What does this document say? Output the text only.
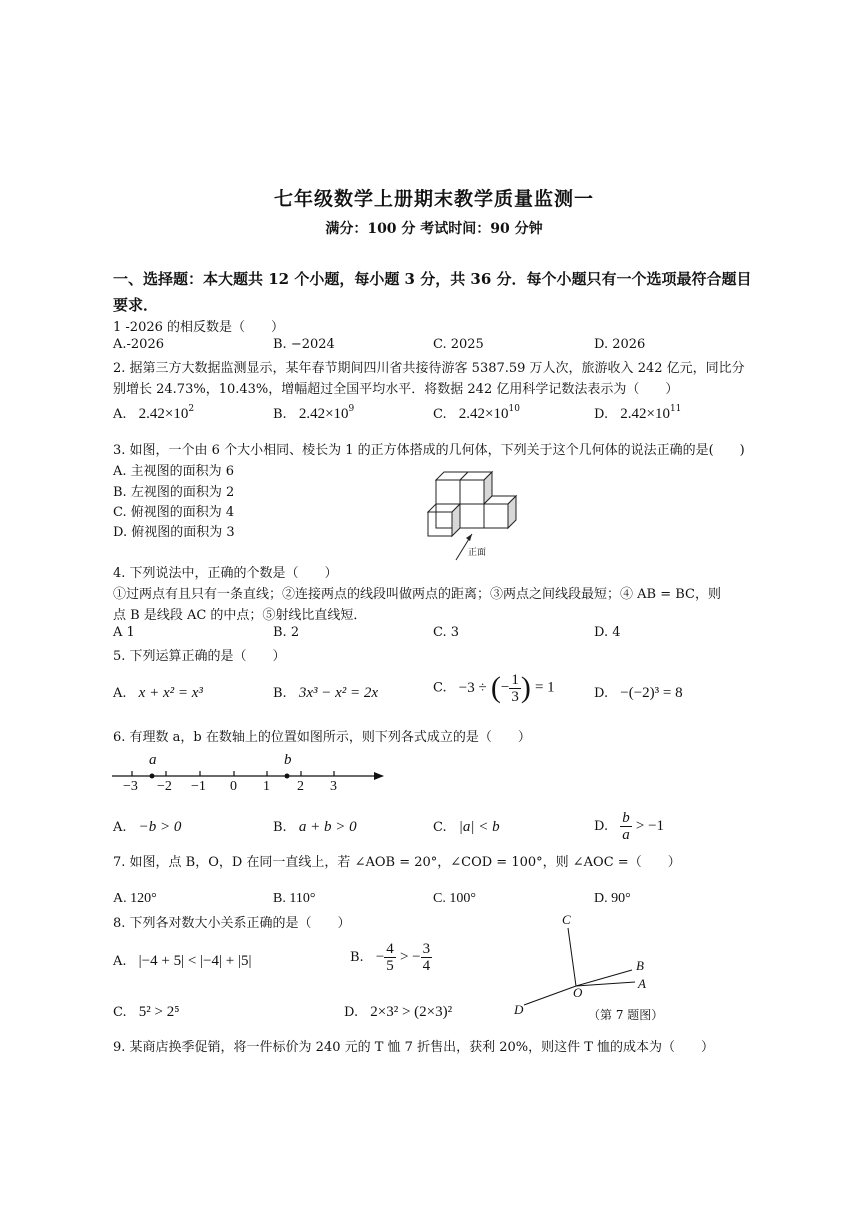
七年级数学上册期末教学质量监测一
满分：100 分 考试时间：90 分钟
一、选择题：本大题共 12 个小题，每小题 3 分，共 36 分．每个小题只有一个选项最符合题目要求．
1 -2026 的相反数是（　　）
A.-2026	B. −2024	C. 2025	D. 2026
2. 据第三方大数据监测显示，某年春节期间四川省共接待游客 5387.59 万人次，旅游收入 242 亿元，同比分
别增长 24.73%，10.43%，增幅超过全国平均水平．将数据 242 亿用科学记数法表示为（　　）
A. $2.42\times 10^2$	B. $2.42\times 10^9$	C. $2.42\times 10^{10}$	D. $2.42\times 10^{11}$
3. 如图，一个由 6 个大小相同、棱长为 1 的正方体搭成的几何体，下列关于这个几何体的说法正确的是(　　)
A. 主视图的面积为 6
B. 左视图的面积为 2
C. 俯视图的面积为 4
D. 俯视图的面积为 3
正面
4. 下列说法中，正确的个数是（　　）
①过两点有且只有一条直线；②连接两点的线段叫做两点的距离；③两点之间线段最短；④ AB = BC，则
点 B 是线段 AC 的中点；⑤射线比直线短．
A 1	B. 2	C. 3	D. 4
5. 下列运算正确的是（　　）
A. x + x² = x³	B. 3x³ − x² = 2x	C. −3 ÷ (− $\frac{1}{3}$ ) = 1	D. −(−2)³ = 8
6. 有理数 a，b 在数轴上的位置如图所示，则下列各式成立的是（　　）
a	b
−3 −2 −1 0 1 2 3
A. −b > 0	B. a + b > 0	C. |a| < b	D. $\frac{b}{a} > -1$
7. 如图，点 B，O，D 在同一直线上，若 ∠AOB = 20°，∠COD = 100°，则 ∠AOC =（　　）
A. 120°	B. 110°	C. 100°	D. 90°
C
B
A
O
D	（第 7 题图）
8. 下列各对数大小关系正确的是（　　）
A. |−4 + 5| < |−4| + |5|	B. − $\frac{4}{5}$ > − $\frac{3}{4}$
C. 5² > 2⁵	D. 2×3² > (2×3)²
9. 某商店换季促销，将一件标价为 240 元的 T 恤 7 折售出，获利 20%，则这件 T 恤的成本为（　　）
